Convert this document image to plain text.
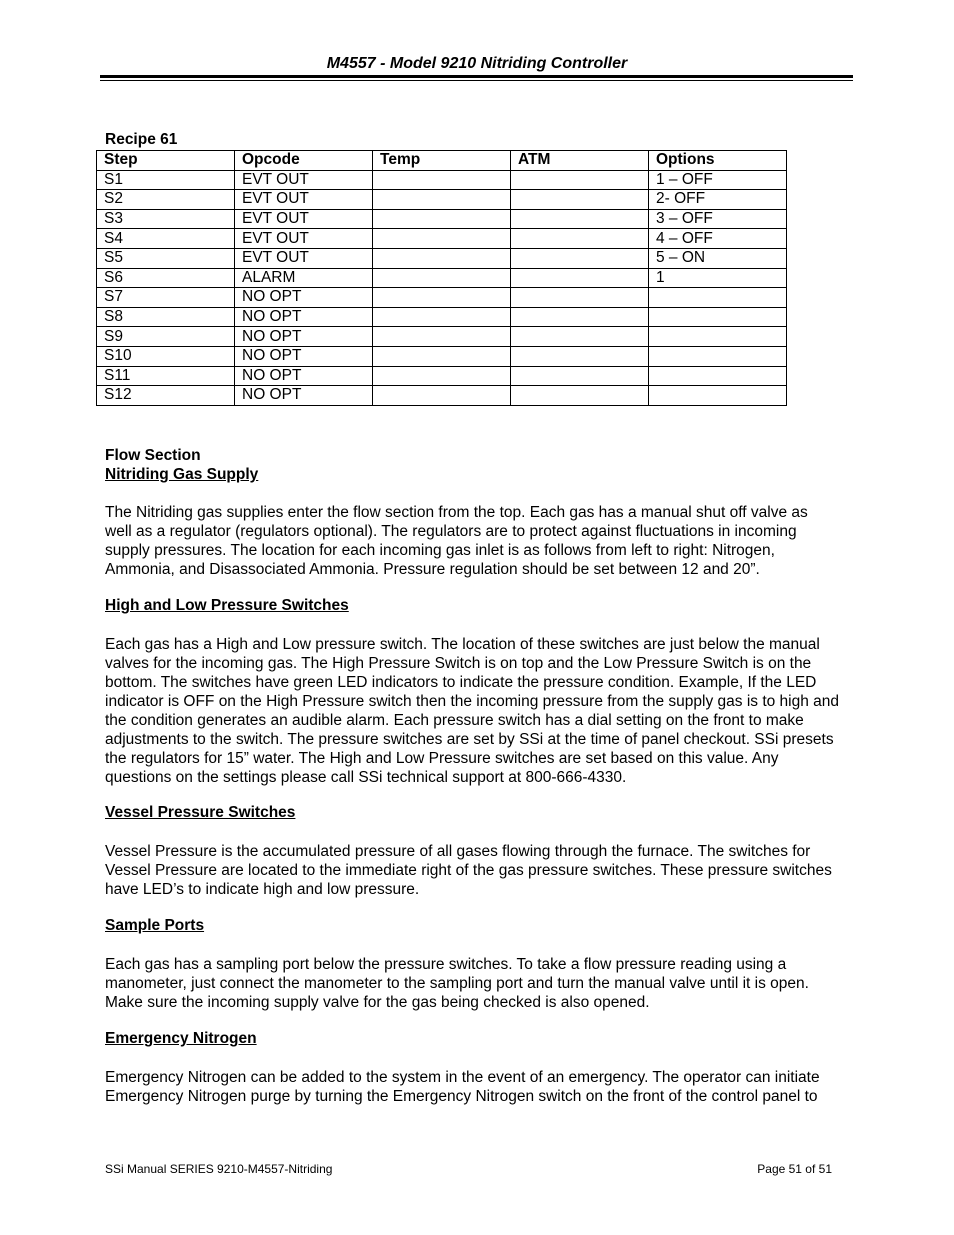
M4557 - Model 9210 Nitriding Controller
Recipe 61
Step	Opcode	Temp	ATM	Options
S1	EVT OUT			1 – OFF
S2	EVT OUT			2- OFF
S3	EVT OUT			3 – OFF
S4	EVT OUT			4 – OFF
S5	EVT OUT			5 – ON
S6	ALARM			1
S7	NO OPT			
S8	NO OPT			
S9	NO OPT			
S10	NO OPT			
S11	NO OPT			
S12	NO OPT			
Flow Section
Nitriding Gas Supply
The Nitriding gas supplies enter the flow section from the top. Each gas has a manual shut off valve as
well as a regulator (regulators optional). The regulators are to protect against fluctuations in incoming
supply pressures. The location for each incoming gas inlet is as follows from left to right: Nitrogen,
Ammonia, and Disassociated Ammonia. Pressure regulation should be set between 12 and 20”.
High and Low Pressure Switches
Each gas has a High and Low pressure switch. The location of these switches are just below the manual
valves for the incoming gas. The High Pressure Switch is on top and the Low Pressure Switch is on the
bottom. The switches have green LED indicators to indicate the pressure condition. Example, If the LED
indicator is OFF on the High Pressure switch then the incoming pressure from the supply gas is to high and
the condition generates an audible alarm. Each pressure switch has a dial setting on the front to make
adjustments to the switch. The pressure switches are set by SSi at the time of panel checkout. SSi presets
the regulators for 15” water. The High and Low Pressure switches are set based on this value. Any
questions on the settings please call SSi technical support at 800-666-4330.
Vessel Pressure Switches
Vessel Pressure is the accumulated pressure of all gases flowing through the furnace. The switches for
Vessel Pressure are located to the immediate right of the gas pressure switches. These pressure switches
have LED’s to indicate high and low pressure.
Sample Ports
Each gas has a sampling port below the pressure switches. To take a flow pressure reading using a
manometer, just connect the manometer to the sampling port and turn the manual valve until it is open.
Make sure the incoming supply valve for the gas being checked is also opened.
Emergency Nitrogen
Emergency Nitrogen can be added to the system in the event of an emergency. The operator can initiate
Emergency Nitrogen purge by turning the Emergency Nitrogen switch on the front of the control panel to
SSi Manual SERIES 9210-M4557-Nitriding	Page 51 of 51
